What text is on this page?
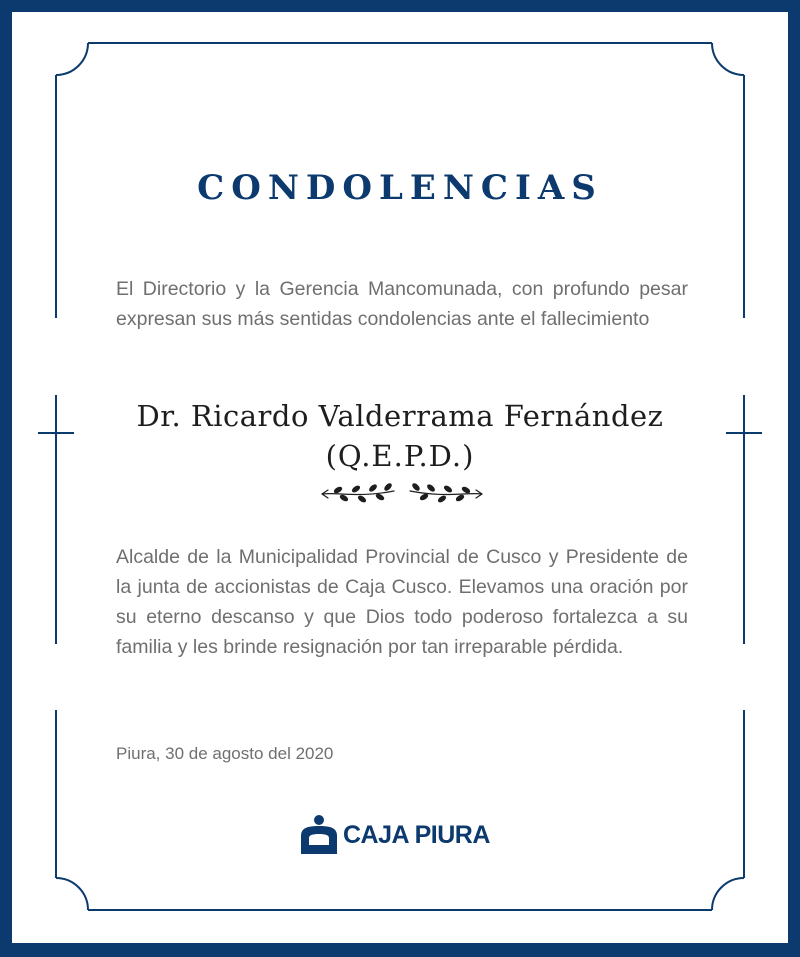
CONDOLENCIAS
El Directorio y la Gerencia Mancomunada, con profundo pesar expresan sus más sentidas condolencias ante el fallecimiento
Dr. Ricardo Valderrama Fernández
(Q.E.P.D.)
Alcalde de la Municipalidad Provincial de Cusco y Presidente de la junta de accionistas de Caja Cusco. Elevamos una oración por su eterno descanso y que Dios todo poderoso fortalezca a su familia y les brinde resignación por tan irreparable pérdida.
Piura, 30 de agosto del 2020
CAJA PIURA
